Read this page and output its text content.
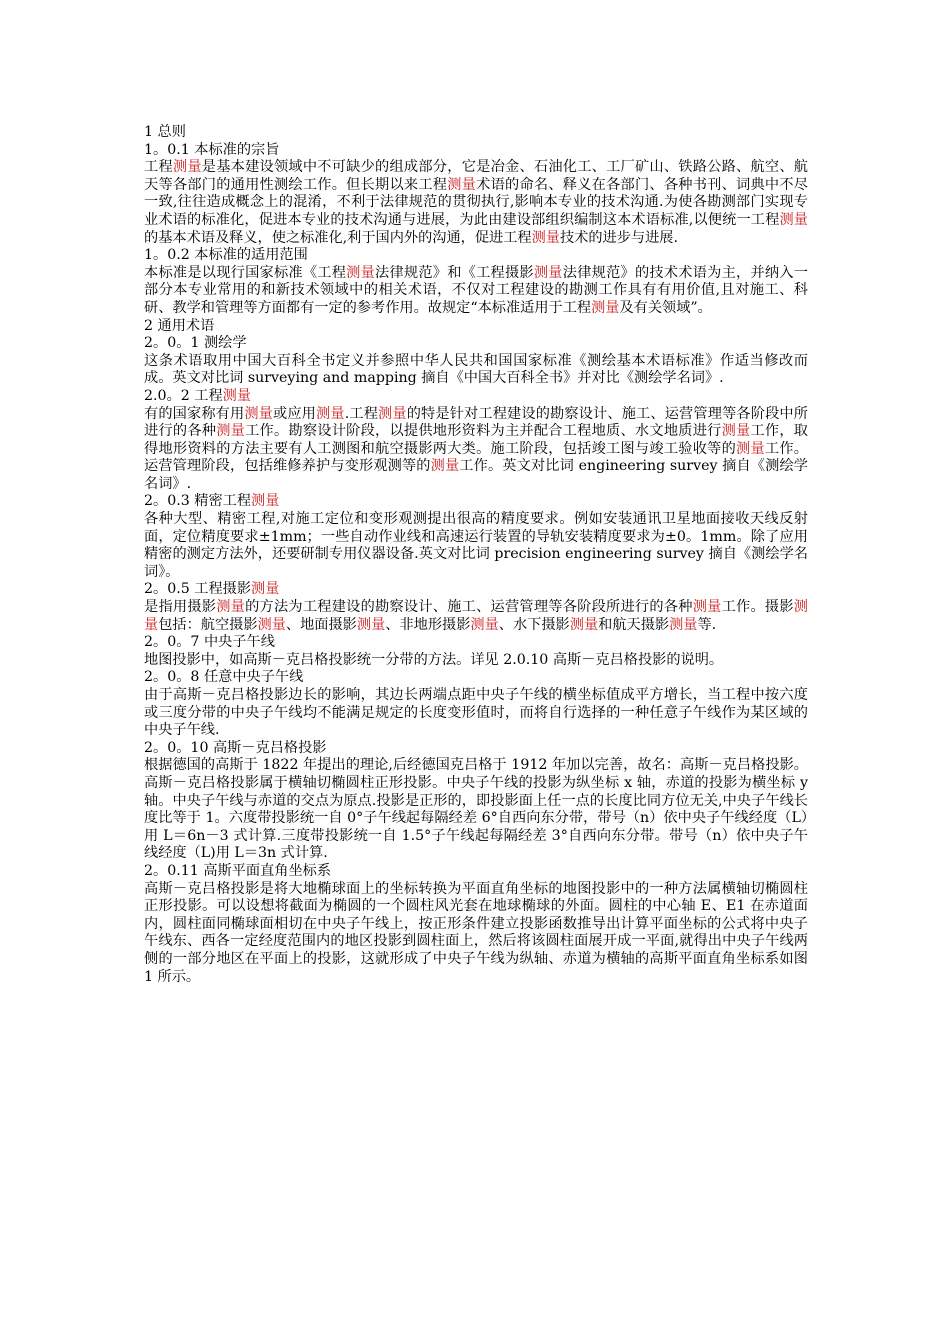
1 总则
1。0.1 本标准的宗旨
工程测量是基本建设领域中不可缺少的组成部分，它是冶金、石油化工、工厂矿山、铁路公路、航空、航天等各部门的通用性测绘工作。但长期以来工程测量术语的命名、释义在各部门、各种书刊、词典中不尽一致,往往造成概念上的混淆，不利于法律规范的贯彻执行,影响本专业的技术沟通.为使各勘测部门实现专业术语的标准化，促进本专业的技术沟通与进展，为此由建设部组织编制这本术语标准,以便统一工程测量的基本术语及释义，使之标准化,利于国内外的沟通，促进工程测量技术的进步与进展.
1。0.2 本标准的适用范围
本标准是以现行国家标准《工程测量法律规范》和《工程摄影测量法律规范》的技术术语为主，并纳入一部分本专业常用的和新技术领域中的相关术语，不仅对工程建设的勘测工作具有有用价值,且对施工、科研、教学和管理等方面都有一定的参考作用。故规定“本标准适用于工程测量及有关领域”。
2 通用术语
2。0。1 测绘学
这条术语取用中国大百科全书定义并参照中华人民共和国国家标准《测绘基本术语标准》作适当修改而成。英文对比词 surveying and mapping 摘自《中国大百科全书》并对比《测绘学名词》.
2.0。2 工程测量
有的国家称有用测量或应用测量.工程测量的特是针对工程建设的勘察设计、施工、运营管理等各阶段中所进行的各种测量工作。勘察设计阶段，以提供地形资料为主并配合工程地质、水文地质进行测量工作，取得地形资料的方法主要有人工测图和航空摄影两大类。施工阶段，包括竣工图与竣工验收等的测量工作。运营管理阶段，包括维修养护与变形观测等的测量工作。英文对比词 engineering survey 摘自《测绘学名词》.
2。0.3 精密工程测量
各种大型、精密工程,对施工定位和变形观测提出很高的精度要求。例如安装通讯卫星地面接收天线反射面，定位精度要求±1mm；一些自动作业线和高速运行装置的导轨安装精度要求为±0。1mm。除了应用精密的测定方法外，还要研制专用仪器设备.英文对比词 precision engineering survey 摘自《测绘学名词》。
2。0.5 工程摄影测量
是指用摄影测量的方法为工程建设的勘察设计、施工、运营管理等各阶段所进行的各种测量工作。摄影测量包括：航空摄影测量、地面摄影测量、非地形摄影测量、水下摄影测量和航天摄影测量等.
2。0。7 中央子午线
地图投影中，如高斯－克吕格投影统一分带的方法。详见 2.0.10 高斯－克吕格投影的说明。
2。0。8 任意中央子午线
由于高斯－克吕格投影边长的影响，其边长两端点距中央子午线的横坐标值成平方增长，当工程中按六度或三度分带的中央子午线均不能满足规定的长度变形值时，而将自行选择的一种任意子午线作为某区域的中央子午线.
2。0。10 高斯－克吕格投影
根据德国的高斯于 1822 年提出的理论,后经德国克吕格于 1912 年加以完善，故名：高斯－克吕格投影。高斯－克吕格投影属于横轴切椭圆柱正形投影。中央子午线的投影为纵坐标 x 轴，赤道的投影为横坐标 y 轴。中央子午线与赤道的交点为原点.投影是正形的，即投影面上任一点的长度比同方位无关,中央子午线长度比等于 1。六度带投影统一自 0°子午线起每隔经差 6°自西向东分带，带号（n）依中央子午线经度（L）用 L＝6n－3 式计算.三度带投影统一自 1.5°子午线起每隔经差 3°自西向东分带。带号（n）依中央子午线经度（L)用 L＝3n 式计算.
2。0.11 高斯平面直角坐标系
高斯－克吕格投影是将大地椭球面上的坐标转换为平面直角坐标的地图投影中的一种方法属横轴切椭圆柱正形投影。可以设想将截面为椭圆的一个圆柱风光套在地球椭球的外面。圆柱的中心轴 E、E1 在赤道面内，圆柱面同椭球面相切在中央子午线上，按正形条件建立投影函数推导出计算平面坐标的公式将中央子午线东、西各一定经度范围内的地区投影到圆柱面上，然后将该圆柱面展开成一平面,就得出中央子午线两侧的一部分地区在平面上的投影，这就形成了中央子午线为纵轴、赤道为横轴的高斯平面直角坐标系如图 1 所示。
